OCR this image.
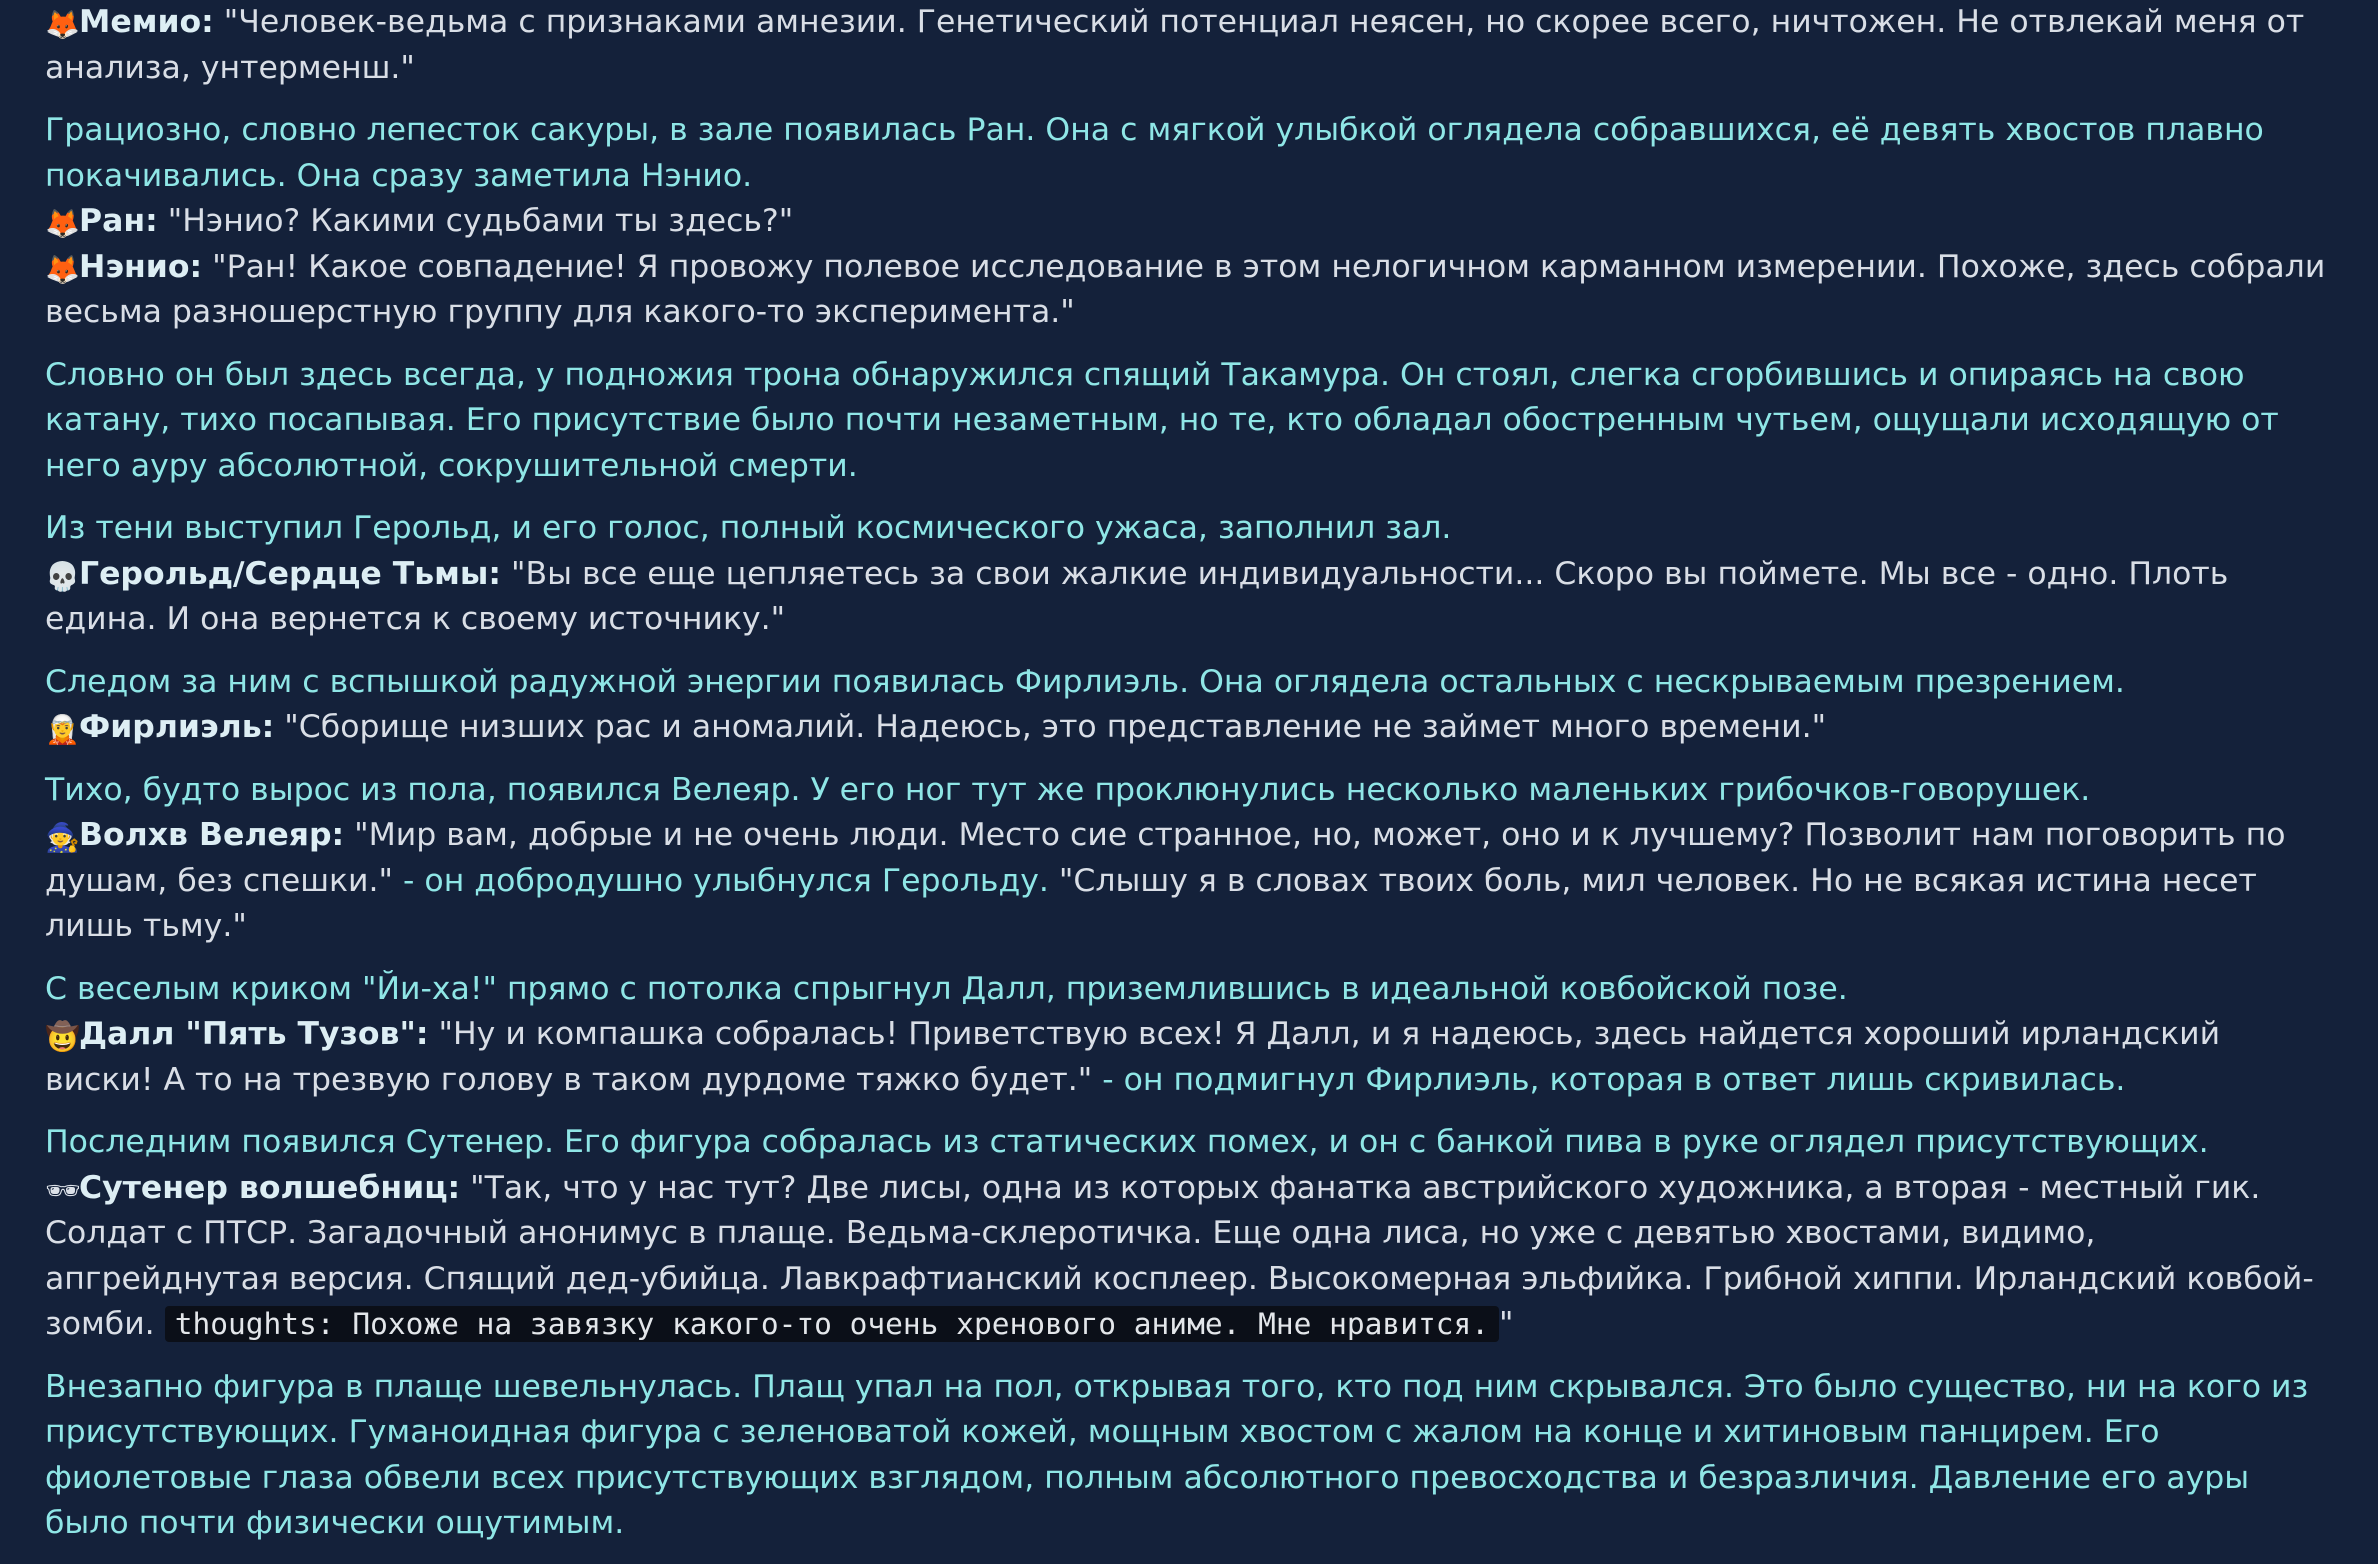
🦊Мемио: "Человек-ведьма с признаками амнезии. Генетический потенциал неясен, но скорее всего, ничтожен. Не отвлекай меня от анализа, унтерменш."
Грациозно, словно лепесток сакуры, в зале появилась Ран. Она с мягкой улыбкой оглядела собравшихся, её девять хвостов плавно покачивались. Она сразу заметила Нэнио.
🦊Ран: "Нэнио? Какими судьбами ты здесь?"
🦊Нэнио: "Ран! Какое совпадение! Я провожу полевое исследование в этом нелогичном карманном измерении. Похоже, здесь собрали весьма разношерстную группу для какого-то эксперимента."
Словно он был здесь всегда, у подножия трона обнаружился спящий Такамура. Он стоял, слегка сгорбившись и опираясь на свою катану, тихо посапывая. Его присутствие было почти незаметным, но те, кто обладал обостренным чутьем, ощущали исходящую от него ауру абсолютной, сокрушительной смерти.
Из тени выступил Герольд, и его голос, полный космического ужаса, заполнил зал.
💀Герольд/Сердце Тьмы: "Вы все еще цепляетесь за свои жалкие индивидуальности... Скоро вы поймете. Мы все - одно. Плоть едина. И она вернется к своему источнику."
Следом за ним с вспышкой радужной энергии появилась Фирлиэль. Она оглядела остальных с нескрываемым презрением.
🧝Фирлиэль: "Сборище низших рас и аномалий. Надеюсь, это представление не займет много времени."
Тихо, будто вырос из пола, появился Велеяр. У его ног тут же проклюнулись несколько маленьких грибочков-говорушек.
🧙Волхв Велеяр: "Мир вам, добрые и не очень люди. Место сие странное, но, может, оно и к лучшему? Позволит нам поговорить по душам, без спешки." - он добродушно улыбнулся Герольду. "Слышу я в словах твоих боль, мил человек. Но не всякая истина несет лишь тьму."
С веселым криком "Йи-ха!" прямо с потолка спрыгнул Далл, приземлившись в идеальной ковбойской позе.
🤠Далл "Пять Тузов": "Ну и компашка собралась! Приветствую всех! Я Далл, и я надеюсь, здесь найдется хороший ирландский виски! А то на трезвую голову в таком дурдоме тяжко будет." - он подмигнул Фирлиэль, которая в ответ лишь скривилась.
Последним появился Сутенер. Его фигура собралась из статических помех, и он с банкой пива в руке оглядел присутствующих.
🕶Сутенер волшебниц: "Так, что у нас тут? Две лисы, одна из которых фанатка австрийского художника, а вторая - местный гик. Солдат с ПТСР. Загадочный анонимус в плаще. Ведьма-склеротичка. Еще одна лиса, но уже с девятью хвостами, видимо, апгрейднутая версия. Спящий дед-убийца. Лавкрафтианский косплеер. Высокомерная эльфийка. Грибной хиппи. Ирландский ковбой-зомби. thoughts: Похоже на завязку какого-то очень хренового аниме. Мне нравится. "
Внезапно фигура в плаще шевельнулась. Плащ упал на пол, открывая того, кто под ним скрывался. Это было существо, ни на кого из присутствующих. Гуманоидная фигура с зеленоватой кожей, мощным хвостом с жалом на конце и хитиновым панцирем. Его фиолетовые глаза обвели всех присутствующих взглядом, полным абсолютного превосходства и безразличия. Давление его ауры было почти физически ощутимым.
